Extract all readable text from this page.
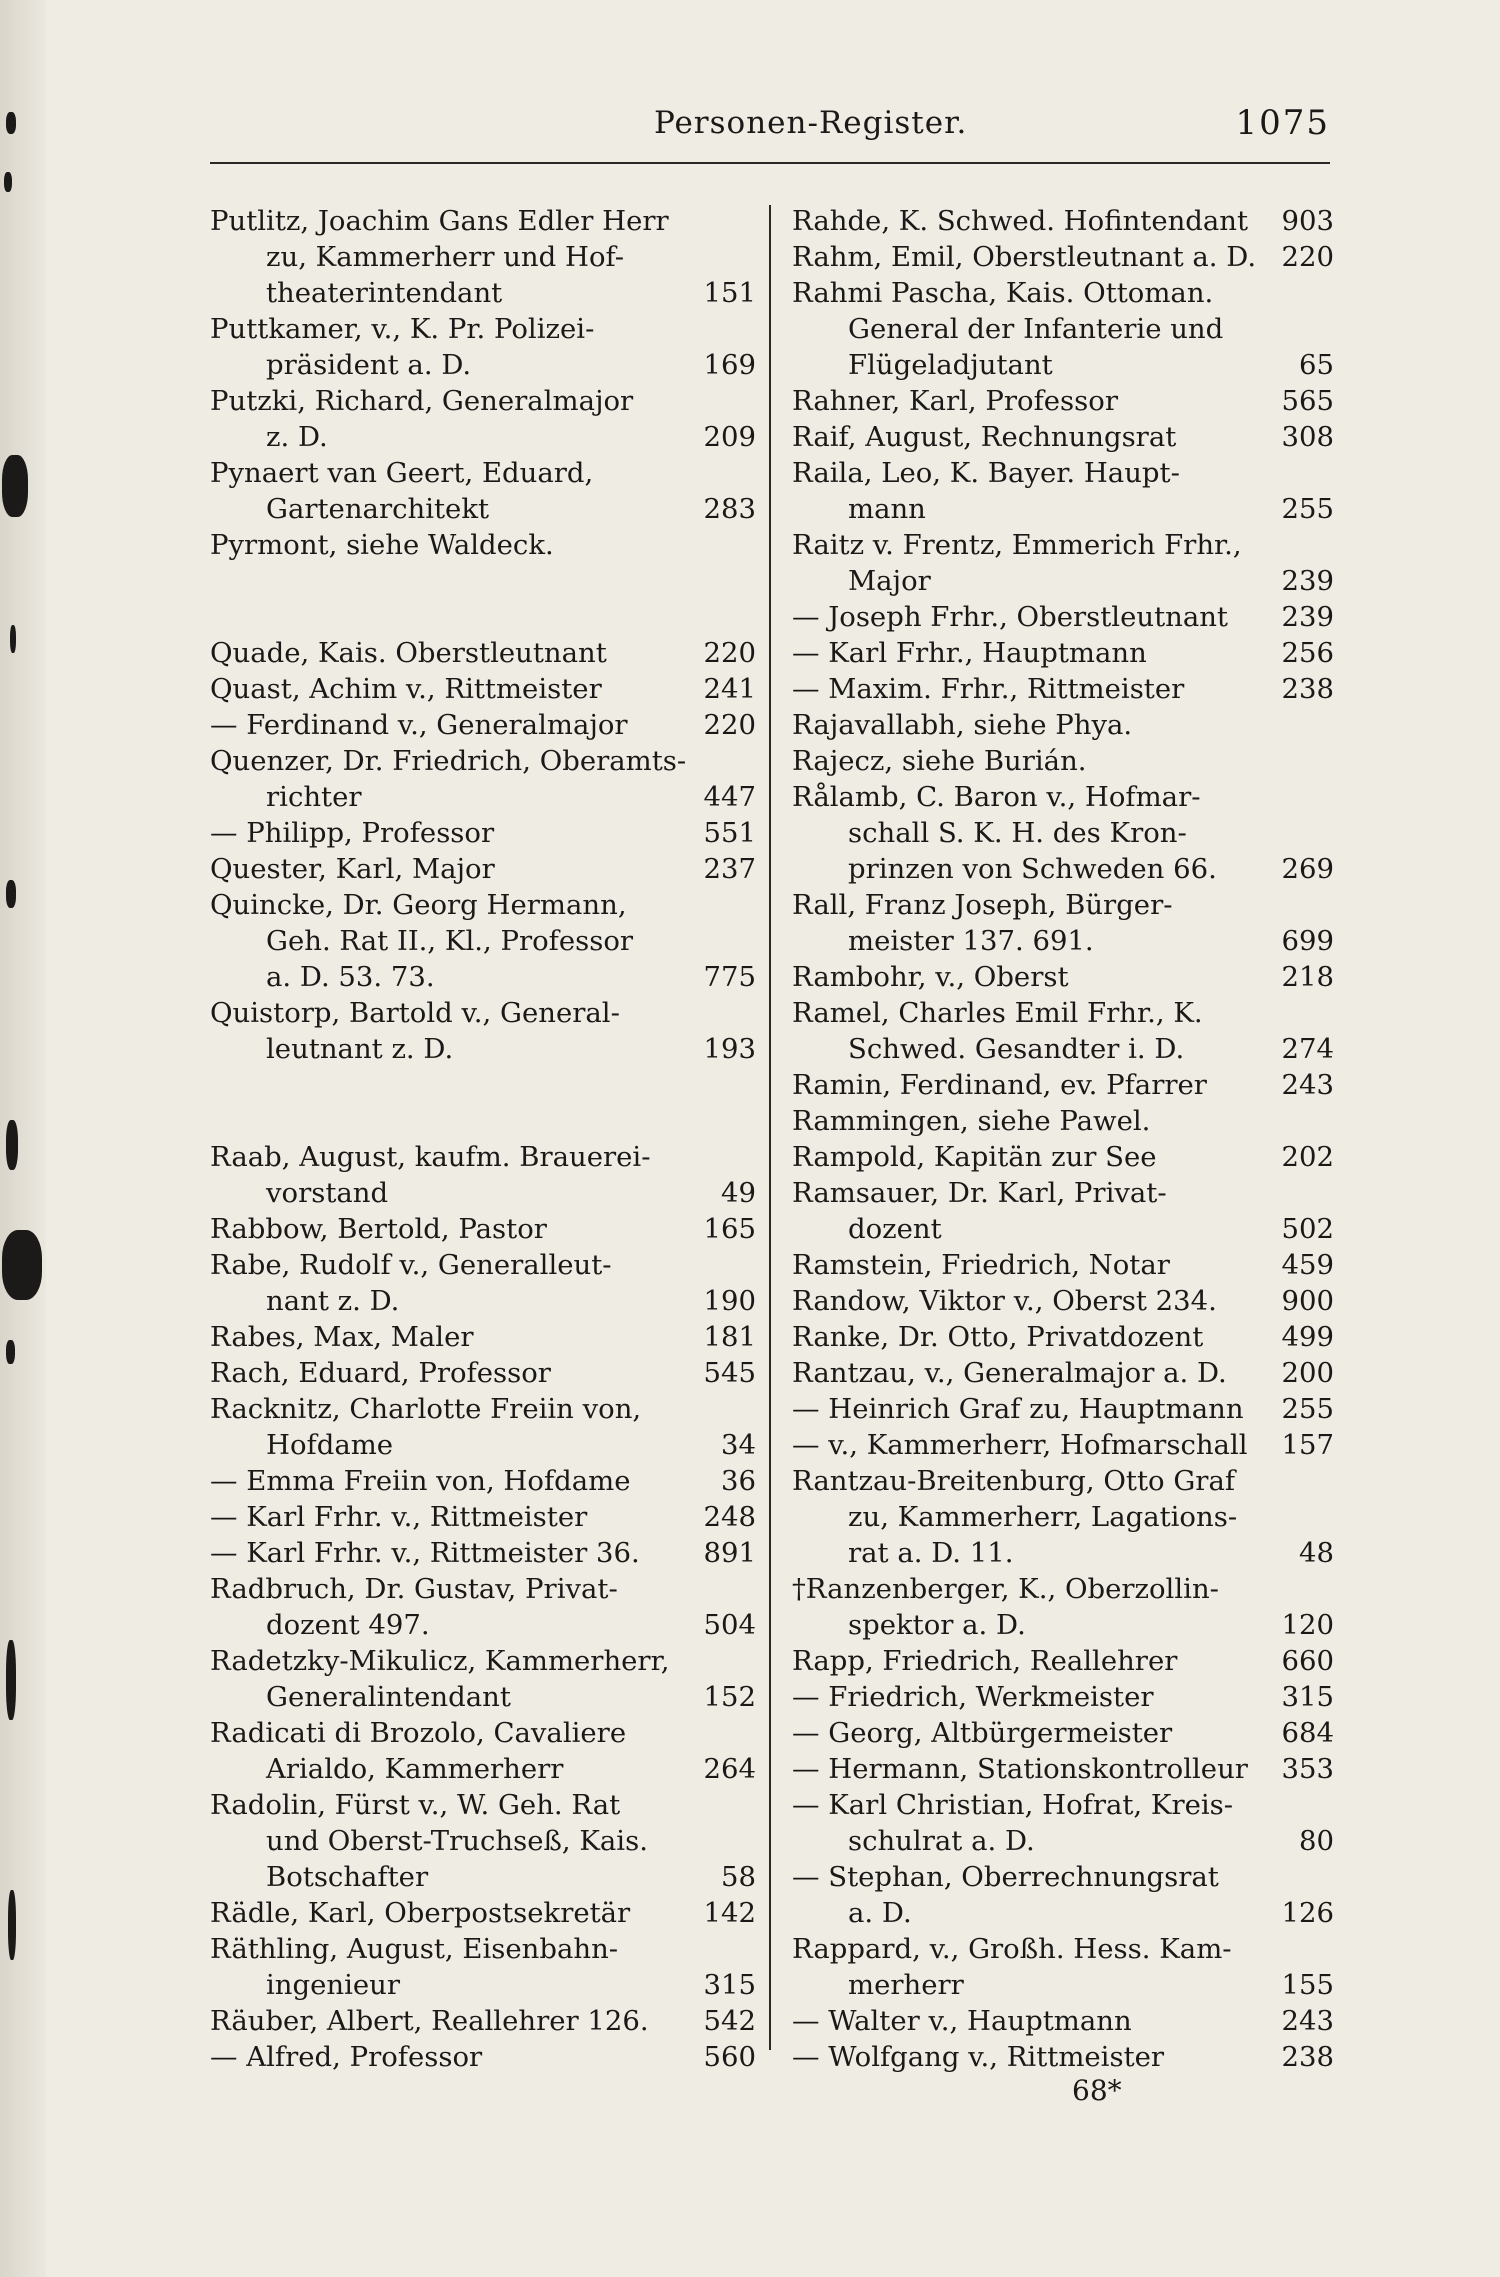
Personen-Register.	1075
Putlitz, Joachim Gans Edler Herr
zu, Kammerherr und Hof-
theaterintendant	151
Puttkamer, v., K. Pr. Polizei-
präsident a. D.	169
Putzki, Richard, Generalmajor
z. D.	209
Pynaert van Geert, Eduard,
Gartenarchitekt	283
Pyrmont, siehe Waldeck.
Quade, Kais. Oberstleutnant	220
Quast, Achim v., Rittmeister	241
— Ferdinand v., Generalmajor	220
Quenzer, Dr. Friedrich, Oberamts-
richter	447
— Philipp, Professor	551
Quester, Karl, Major	237
Quincke, Dr. Georg Hermann,
Geh. Rat II., Kl., Professor
a. D. 53. 73.	775
Quistorp, Bartold v., General-
leutnant z. D.	193
Raab, August, kaufm. Brauerei-
vorstand	49
Rabbow, Bertold, Pastor	165
Rabe, Rudolf v., Generalleut-
nant z. D.	190
Rabes, Max, Maler	181
Rach, Eduard, Professor	545
Racknitz, Charlotte Freiin von,
Hofdame	34
— Emma Freiin von, Hofdame	36
— Karl Frhr. v., Rittmeister	248
— Karl Frhr. v., Rittmeister 36.	891
Radbruch, Dr. Gustav, Privat-
dozent 497.	504
Radetzky-Mikulicz, Kammerherr,
Generalintendant	152
Radicati di Brozolo, Cavaliere
Arialdo, Kammerherr	264
Radolin, Fürst v., W. Geh. Rat
und Oberst-Truchseß, Kais.
Botschafter	58
Rädle, Karl, Oberpostsekretär	142
Räthling, August, Eisenbahn-
ingenieur	315
Räuber, Albert, Reallehrer 126.	542
— Alfred, Professor	560
Rahde, K. Schwed. Hofintendant	903
Rahm, Emil, Oberstleutnant a. D. 220
Rahmi Pascha, Kais. Ottoman.
General der Infanterie und
Flügeladjutant	65
Rahner, Karl, Professor	565
Raif, August, Rechnungsrat	308
Raila, Leo, K. Bayer. Haupt-
mann	255
Raitz v. Frentz, Emmerich Frhr.,
Major	239
— Joseph Frhr., Oberstleutnant	239
— Karl Frhr., Hauptmann	256
— Maxim. Frhr., Rittmeister	238
Rajavallabh, siehe Phya.
Rajecz, siehe Burián.
Rålamb, C. Baron v., Hofmar-
schall S. K. H. des Kron-
prinzen von Schweden 66.	269
Rall, Franz Joseph, Bürger-
meister 137. 691.	699
Rambohr, v., Oberst	218
Ramel, Charles Emil Frhr., K.
Schwed. Gesandter i. D.	274
Ramin, Ferdinand, ev. Pfarrer	243
Rammingen, siehe Pawel.
Rampold, Kapitän zur See	202
Ramsauer, Dr. Karl, Privat-
dozent	502
Ramstein, Friedrich, Notar	459
Randow, Viktor v., Oberst 234.	900
Ranke, Dr. Otto, Privatdozent	499
Rantzau, v., Generalmajor a. D.	200
— Heinrich Graf zu, Hauptmann	255
— v., Kammerherr, Hofmarschall	157
Rantzau-Breitenburg, Otto Graf
zu, Kammerherr, Lagations-
rat a. D. 11.	48
†Ranzenberger, K., Oberzollin-
spektor a. D.	120
Rapp, Friedrich, Reallehrer	660
— Friedrich, Werkmeister	315
— Georg, Altbürgermeister	684
— Hermann, Stationskontrolleur	353
— Karl Christian, Hofrat, Kreis-
schulrat a. D.	80
— Stephan, Oberrechnungsrat
a. D.	126
Rappard, v., Großh. Hess. Kam-
merherr	155
— Walter v., Hauptmann	243
— Wolfgang v., Rittmeister	238
68*
